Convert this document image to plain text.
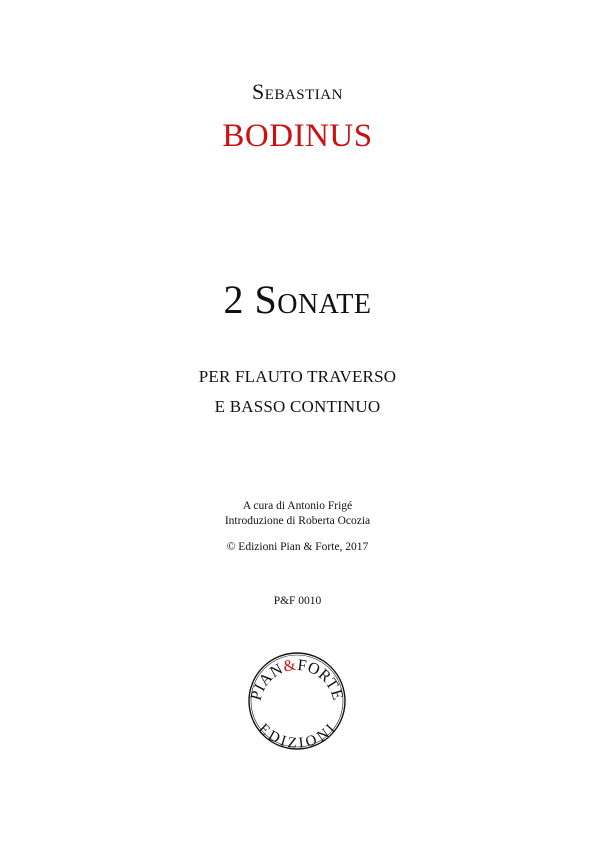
Sebastian
BODINUS
2 Sonate
PER FLAUTO TRAVERSO
E BASSO CONTINUO
A cura di Antonio Frigé
Introduzione di Roberta Ocozia
© Edizioni Pian & Forte, 2017
P&F 0010
PIAN&FORTE
EDIZIONI
